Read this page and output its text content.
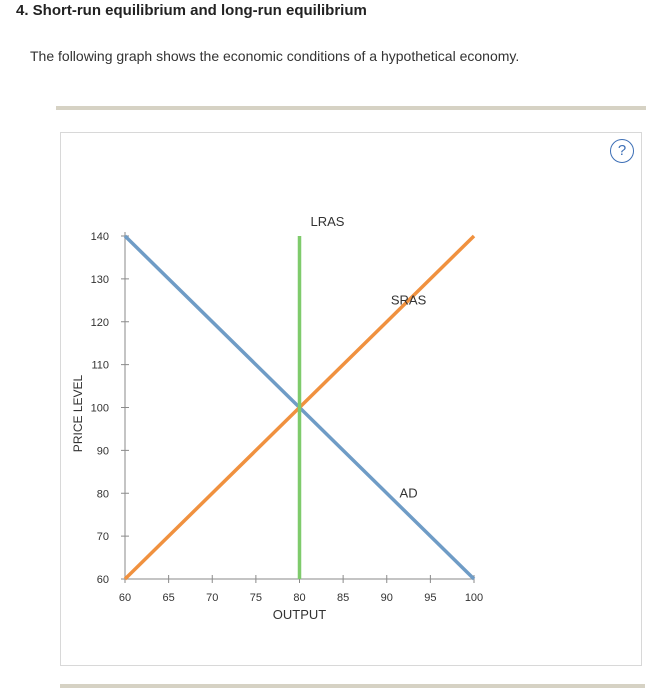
4. Short-run equilibrium and long-run equilibrium
The following graph shows the economic conditions of a hypothetical economy.
?
60
70
80
90
100
110
120
130
140
60	65	70	75	80	85	90	95	100
OUTPUT
PRICE LEVEL
LRAS
SRAS
AD
